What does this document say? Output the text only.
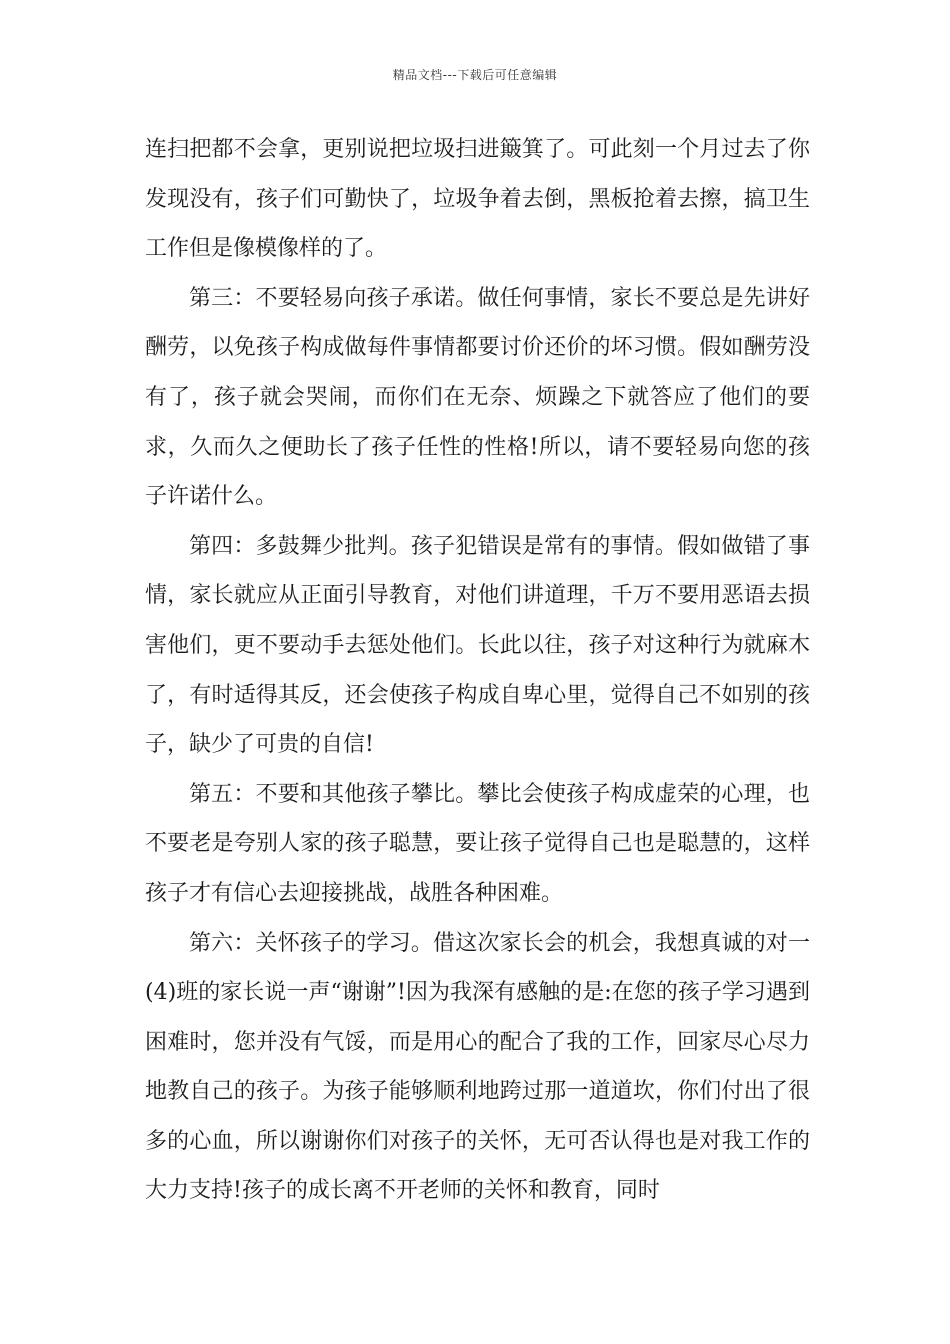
精品文档---下载后可任意编辑

连扫把都不会拿，更别说把垃圾扫进簸箕了。可此刻一个月过去了你发现没有，孩子们可勤快了，垃圾争着去倒，黑板抢着去擦，搞卫生工作但是像模像样的了。

第三：不要轻易向孩子承诺。做任何事情，家长不要总是先讲好酬劳，以免孩子构成做每件事情都要讨价还价的坏习惯。假如酬劳没有了，孩子就会哭闹，而你们在无奈、烦躁之下就答应了他们的要求，久而久之便助长了孩子任性的性格!所以，请不要轻易向您的孩子许诺什么。

第四：多鼓舞少批判。孩子犯错误是常有的事情。假如做错了事情，家长就应从正面引导教育，对他们讲道理，千万不要用恶语去损害他们，更不要动手去惩处他们。长此以往，孩子对这种行为就麻木了，有时适得其反，还会使孩子构成自卑心里，觉得自己不如别的孩子，缺少了可贵的自信!

第五：不要和其他孩子攀比。攀比会使孩子构成虚荣的心理，也不要老是夸别人家的孩子聪慧，要让孩子觉得自己也是聪慧的，这样孩子才有信心去迎接挑战，战胜各种困难。

第六：关怀孩子的学习。借这次家长会的机会，我想真诚的对一(4)班的家长说一声“谢谢”!因为我深有感触的是:在您的孩子学习遇到困难时，您并没有气馁，而是用心的配合了我的工作，回家尽心尽力地教自己的孩子。为孩子能够顺利地跨过那一道道坎，你们付出了很多的心血，所以谢谢你们对孩子的关怀，无可否认得也是对我工作的大力支持!孩子的成长离不开老师的关怀和教育，同时
